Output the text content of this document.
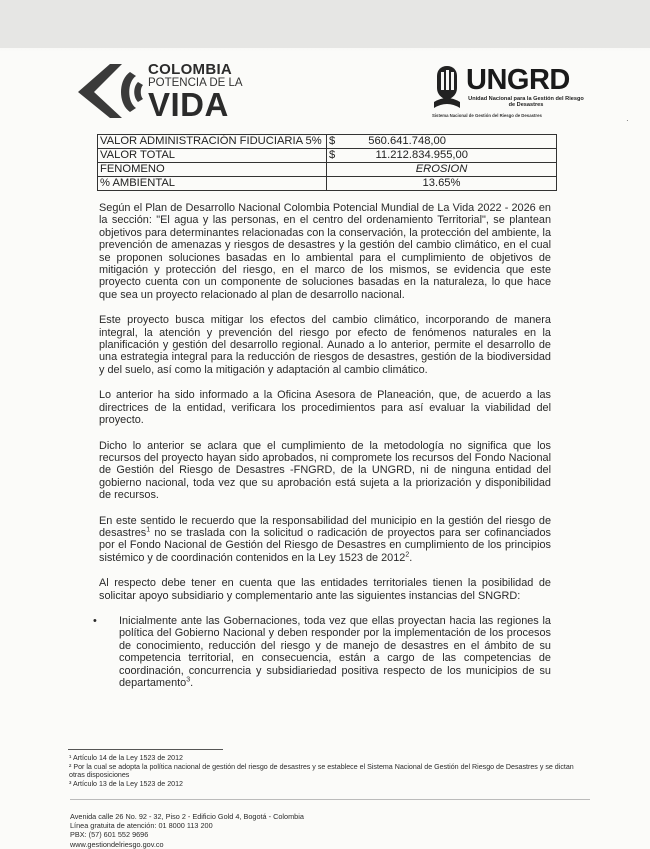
COLOMBIA
POTENCIA DE LA
VIDA
UNGRD
Unidad Nacional para la Gestión del Riesgo de Desastres
Sistema Nacional de Gestión del Riesgo de Desastres
·
VALOR ADMINISTRACIÓN FIDUCIARIA 5%	$ 560.641.748,00
VALOR TOTAL	$ 11.212.834.955,00
FENOMENO	EROSION
% AMBIENTAL	13.65%

Según el Plan de Desarrollo Nacional Colombia Potencial Mundial de La Vida 2022 - 2026 en la sección: "El agua y las personas, en el centro del ordenamiento Territorial", se plantean objetivos para determinantes relacionadas con la conservación, la protección del ambiente, la prevención de amenazas y riesgos de desastres y la gestión del cambio climático, en el cual se proponen soluciones basadas en lo ambiental para el cumplimiento de objetivos de mitigación y protección del riesgo, en el marco de los mismos, se evidencia que este proyecto cuenta con un componente de soluciones basadas en la naturaleza, lo que hace que sea un proyecto relacionado al plan de desarrollo nacional.

Este proyecto busca mitigar los efectos del cambio climático, incorporando de manera integral, la atención y prevención del riesgo por efecto de fenómenos naturales en la planificación y gestión del desarrollo regional. Aunado a lo anterior, permite el desarrollo de una estrategia integral para la reducción de riesgos de desastres, gestión de la biodiversidad y del suelo, así como la mitigación y adaptación al cambio climático.

Lo anterior ha sido informado a la Oficina Asesora de Planeación, que, de acuerdo a las directrices de la entidad, verificara los procedimientos para así evaluar la viabilidad del proyecto.

Dicho lo anterior se aclara que el cumplimiento de la metodología no significa que los recursos del proyecto hayan sido aprobados, ni compromete los recursos del Fondo Nacional de Gestión del Riesgo de Desastres -FNGRD, de la UNGRD, ni de ninguna entidad del gobierno nacional, toda vez que su aprobación está sujeta a la priorización y disponibilidad de recursos.

En este sentido le recuerdo que la responsabilidad del municipio en la gestión del riesgo de desastres$^1$ no se traslada con la solicitud o radicación de proyectos para ser cofinanciados por el Fondo Nacional de Gestión del Riesgo de Desastres en cumplimiento de los principios sistémico y de coordinación contenidos en la Ley 1523 de 2012$^2$.

Al respecto debe tener en cuenta que las entidades territoriales tienen la posibilidad de solicitar apoyo subsidiario y complementario ante las siguientes instancias del SNGRD:

• Inicialmente ante las Gobernaciones, toda vez que ellas proyectan hacia las regiones la política del Gobierno Nacional y deben responder por la implementación de los procesos de conocimiento, reducción del riesgo y de manejo de desastres en el ámbito de su competencia territorial, en consecuencia, están a cargo de las competencias de coordinación, concurrencia y subsidiariedad positiva respecto de los municipios de su departamento$^3$.
¹ Artículo 14 de la Ley 1523 de 2012
² Por la cual se adopta la política nacional de gestión del riesgo de desastres y se establece el Sistema Nacional de Gestión del Riesgo de Desastres y se dictan otras disposiciones
³ Artículo 13 de la Ley 1523 de 2012
Avenida calle 26 No. 92 - 32, Piso 2 - Edificio Gold 4, Bogotá - Colombia
Línea gratuita de atención: 01 8000 113 200
PBX: (57) 601 552 9696
www.gestiondelriesgo.gov.co
